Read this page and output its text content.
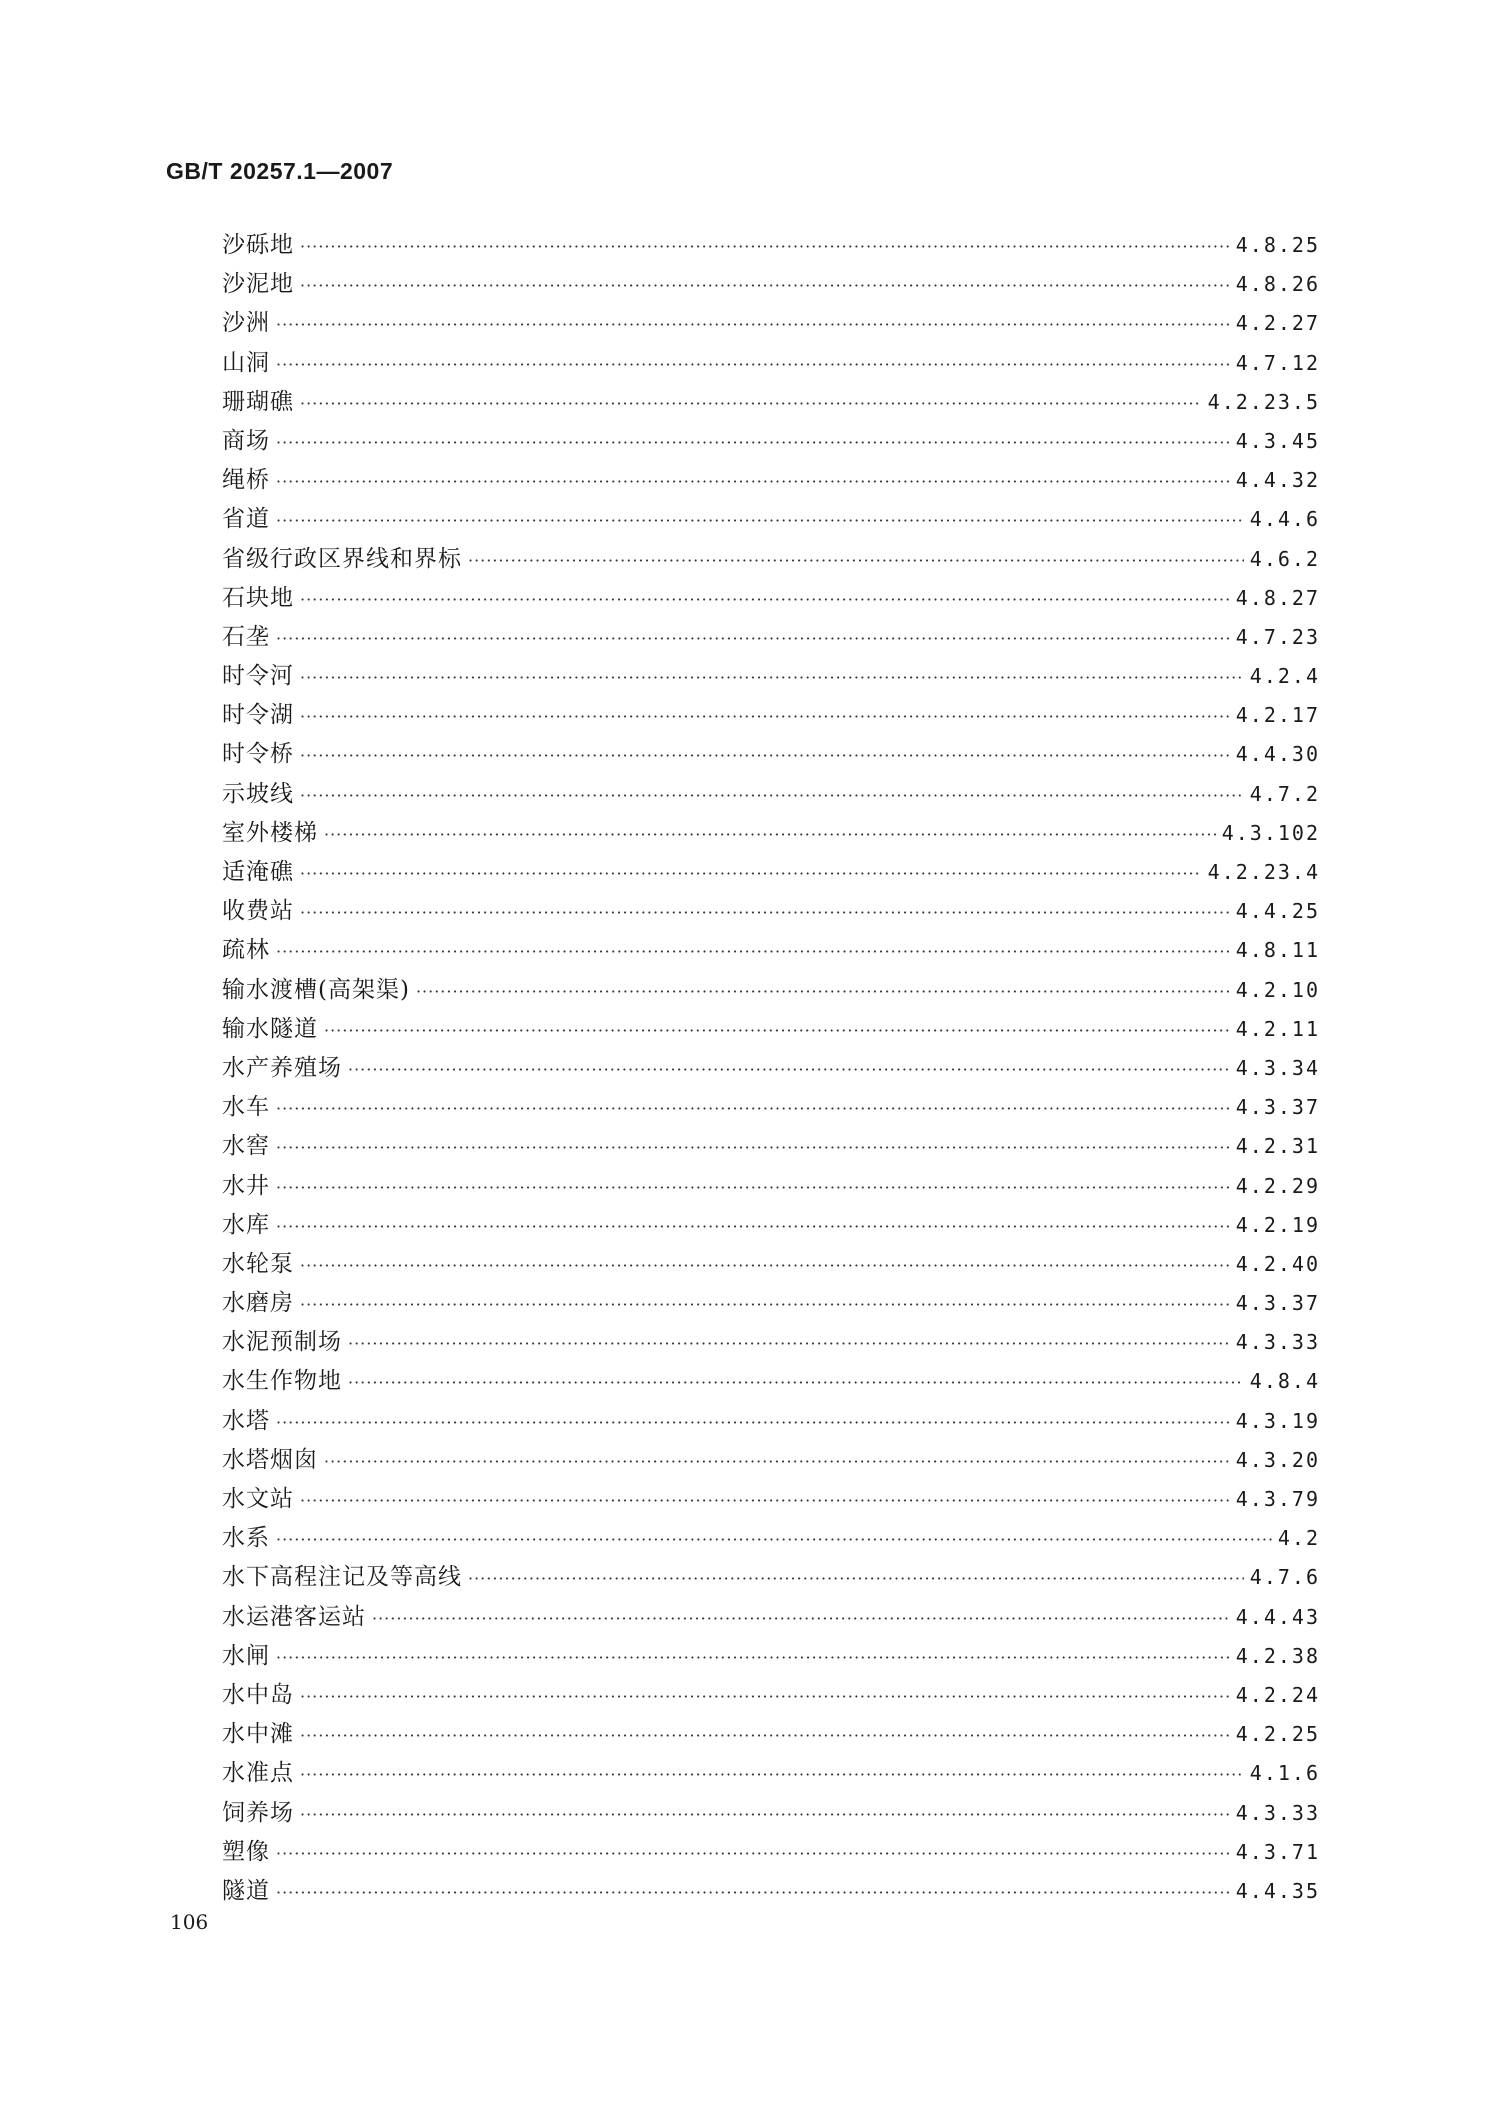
GB/T 20257.1—2007
沙砾地 ·····	4.8.25
沙泥地 ·····	4.8.26
沙洲 ·····	4.2.27
山洞 ·····	4.7.12
珊瑚礁 ·····	4.2.23.5
商场 ·····	4.3.45
绳桥 ·····	4.4.32
省道 ·····	4.4.6
省级行政区界线和界标 ·····	4.6.2
石块地 ·····	4.8.27
石垄 ·····	4.7.23
时令河 ·····	4.2.4
时令湖 ·····	4.2.17
时令桥 ·····	4.4.30
示坡线 ·····	4.7.2
室外楼梯 ·····	4.3.102
适淹礁 ·····	4.2.23.4
收费站 ·····	4.4.25
疏林 ·····	4.8.11
输水渡槽(高架渠) ·····	4.2.10
输水隧道 ·····	4.2.11
水产养殖场 ·····	4.3.34
水车 ·····	4.3.37
水窖 ·····	4.2.31
水井 ·····	4.2.29
水库 ·····	4.2.19
水轮泵 ·····	4.2.40
水磨房 ·····	4.3.37
水泥预制场 ·····	4.3.33
水生作物地 ·····	4.8.4
水塔 ·····	4.3.19
水塔烟囱 ·····	4.3.20
水文站 ·····	4.3.79
水系 ·····	4.2
水下高程注记及等高线 ·····	4.7.6
水运港客运站 ·····	4.4.43
水闸 ·····	4.2.38
水中岛 ·····	4.2.24
水中滩 ·····	4.2.25
水准点 ·····	4.1.6
饲养场 ·····	4.3.33
塑像 ·····	4.3.71
隧道 ·····	4.4.35
106
